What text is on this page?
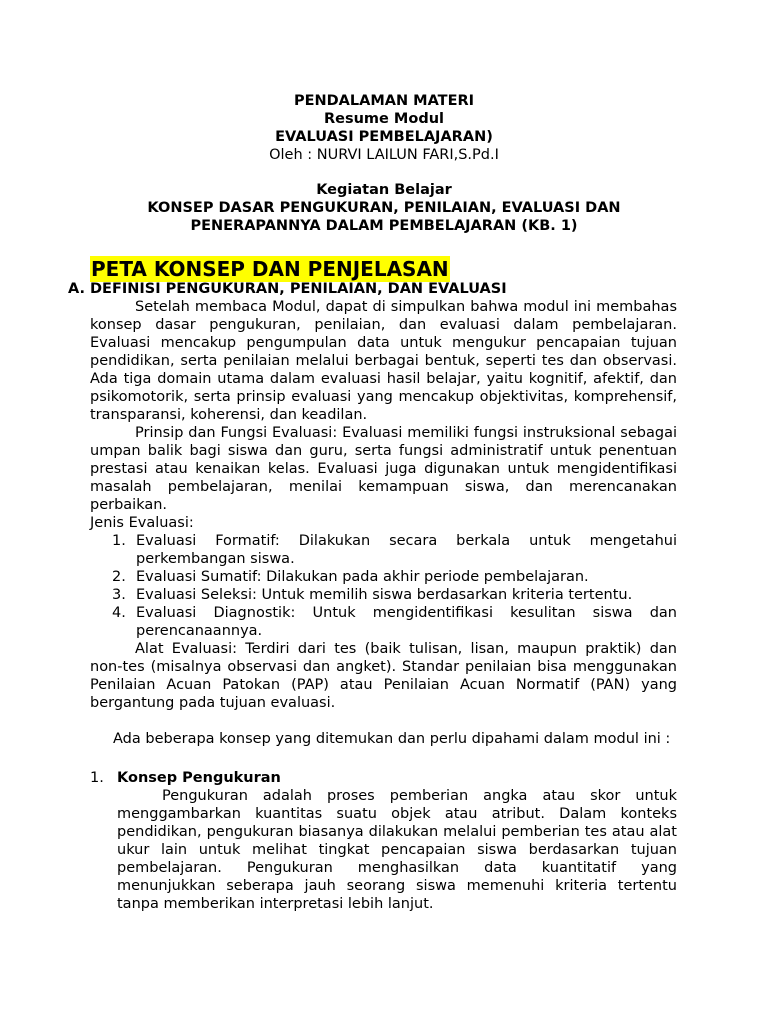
PENDALAMAN MATERI
Resume Modul
EVALUASI PEMBELAJARAN)
Oleh : NURVI LAILUN FARI,S.Pd.I
Kegiatan Belajar
KONSEP DASAR PENGUKURAN, PENILAIAN, EVALUASI DAN
PENERAPANNYA DALAM PEMBELAJARAN (KB. 1)
PETA KONSEP DAN PENJELASAN
A. DEFINISI PENGUKURAN, PENILAIAN, DAN EVALUASI
Setelah membaca Modul, dapat di simpulkan bahwa modul ini membahas konsep dasar pengukuran, penilaian, dan evaluasi dalam pembelajaran. Evaluasi mencakup pengumpulan data untuk mengukur pencapaian tujuan pendidikan, serta penilaian melalui berbagai bentuk, seperti tes dan observasi. Ada tiga domain utama dalam evaluasi hasil belajar, yaitu kognitif, afektif, dan psikomotorik, serta prinsip evaluasi yang mencakup objektivitas, komprehensif, transparansi, koherensi, dan keadilan.
Prinsip dan Fungsi Evaluasi: Evaluasi memiliki fungsi instruksional sebagai umpan balik bagi siswa dan guru, serta fungsi administratif untuk penentuan prestasi atau kenaikan kelas. Evaluasi juga digunakan untuk mengidentifikasi masalah pembelajaran, menilai kemampuan siswa, dan merencanakan perbaikan.
Jenis Evaluasi:
1. Evaluasi Formatif: Dilakukan secara berkala untuk mengetahui perkembangan siswa.
2. Evaluasi Sumatif: Dilakukan pada akhir periode pembelajaran.
3. Evaluasi Seleksi: Untuk memilih siswa berdasarkan kriteria tertentu.
4. Evaluasi Diagnostik: Untuk mengidentifikasi kesulitan siswa dan perencanaannya.
Alat Evaluasi: Terdiri dari tes (baik tulisan, lisan, maupun praktik) dan non-tes (misalnya observasi dan angket). Standar penilaian bisa menggunakan Penilaian Acuan Patokan (PAP) atau Penilaian Acuan Normatif (PAN) yang bergantung pada tujuan evaluasi.
Ada beberapa konsep yang ditemukan dan perlu dipahami dalam modul ini :
1. Konsep Pengukuran
Pengukuran adalah proses pemberian angka atau skor untuk menggambarkan kuantitas suatu objek atau atribut. Dalam konteks pendidikan, pengukuran biasanya dilakukan melalui pemberian tes atau alat ukur lain untuk melihat tingkat pencapaian siswa berdasarkan tujuan pembelajaran. Pengukuran menghasilkan data kuantitatif yang menunjukkan seberapa jauh seorang siswa memenuhi kriteria tertentu tanpa memberikan interpretasi lebih lanjut.
